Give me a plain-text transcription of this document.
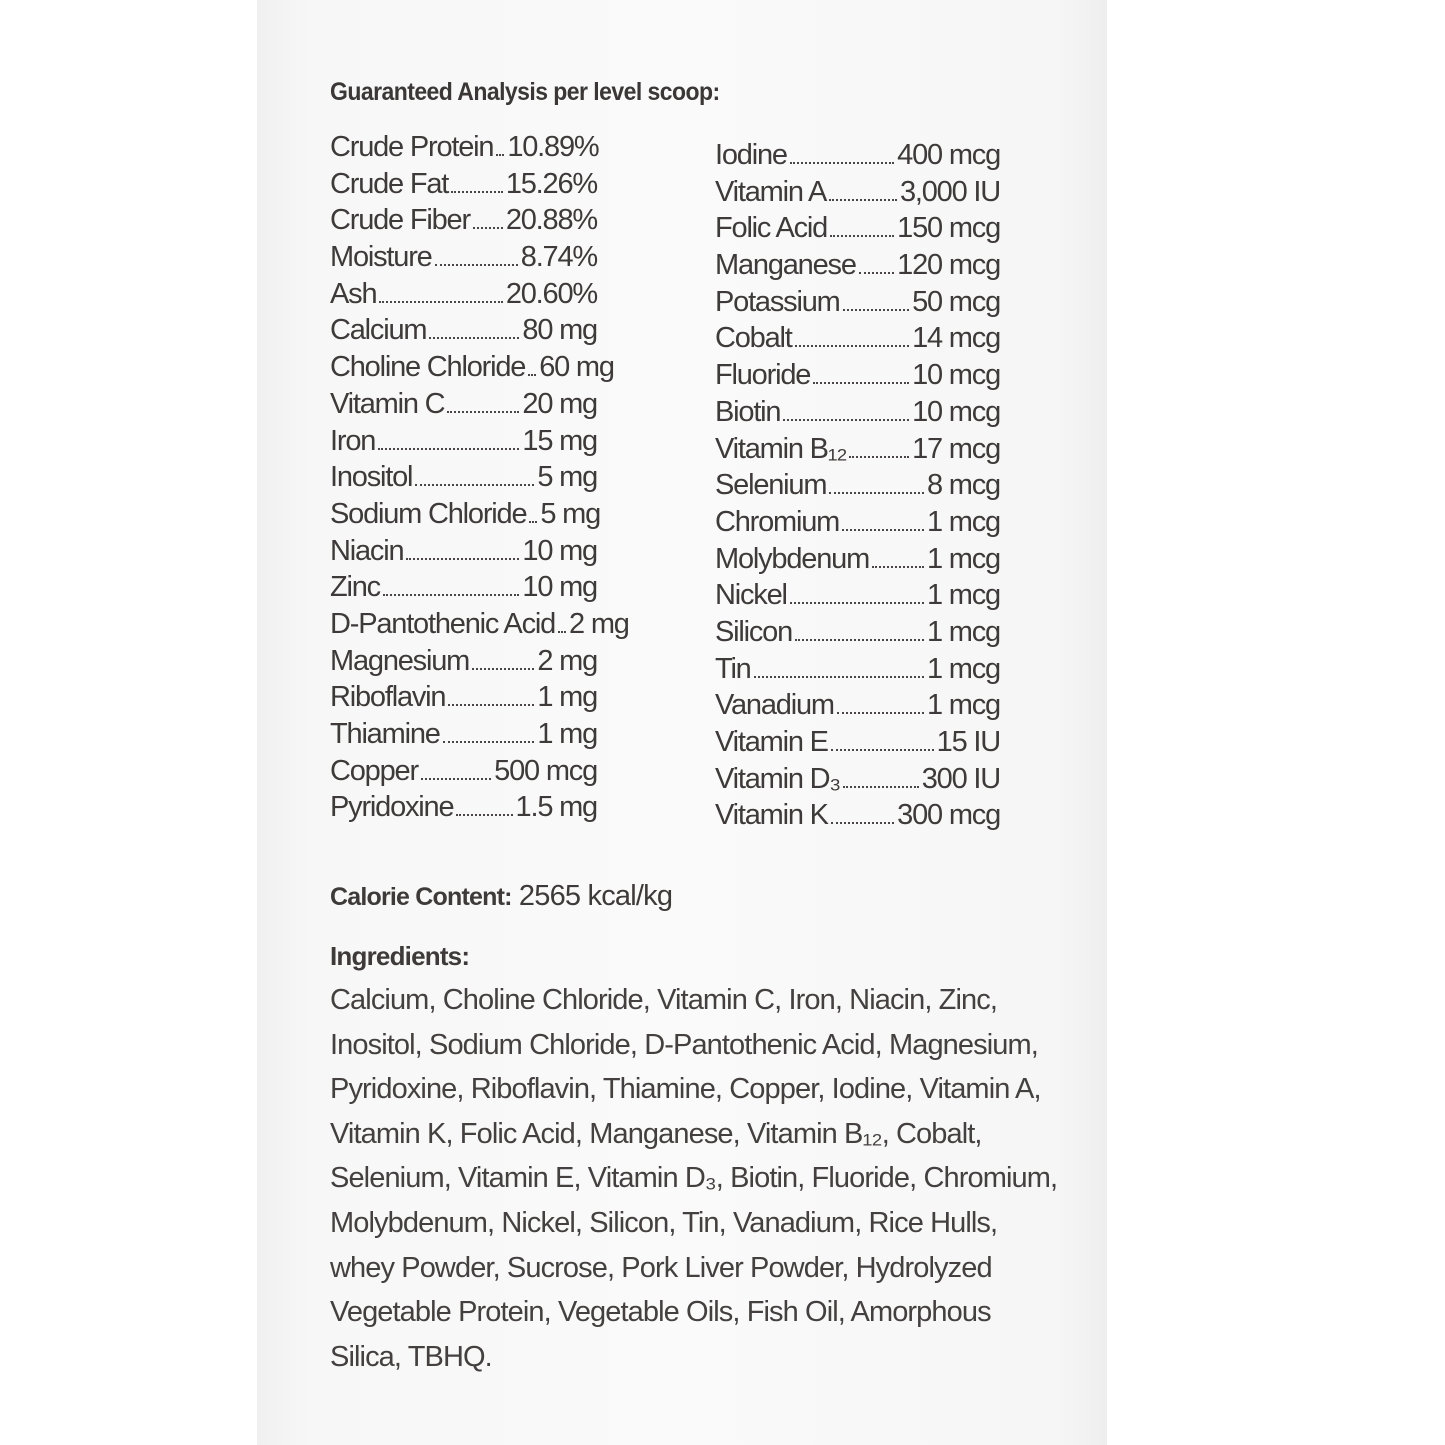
Guaranteed Analysis per level scoop:
Crude Protein 10.89%
Crude Fat 15.26%
Crude Fiber 20.88%
Moisture	8.74%
Ash	20.60%
Calcium	80 mg
Choline Chloride 60 mg
Vitamin C	20 mg
Iron	15 mg
Inositol	5 mg
Sodium Chloride 5 mg
Niacin	10 mg
Zinc	10 mg
D-Pantothenic Acid 2 mg
Magnesium 2 mg
Riboflavin	1 mg
Thiamine	1 mg
Copper	500 mcg
Pyridoxine 1.5 mg
Iodine	400 mcg
Vitamin A	3,000 IU
Folic Acid 150 mcg
Manganese 120 mcg
Potassium	50 mcg
Cobalt	14 mcg
Fluoride	10 mcg
Biotin	10 mcg
Vitamin B₁₂ 17 mcg
Selenium	8 mcg
Chromium	1 mcg
Molybdenum 1 mcg
Nickel	1 mcg
Silicon	1 mcg
Tin	1 mcg
Vanadium	1 mcg
Vitamin E	15 IU
Vitamin D₃	300 IU
Vitamin K 300 mcg
Calorie Content: 2565 kcal/kg
Ingredients:
Calcium, Choline Chloride, Vitamin C, Iron, Niacin, Zinc, Inositol, Sodium Chloride, D-Pantothenic Acid, Magnesium, Pyridoxine, Riboflavin, Thiamine, Copper, Iodine, Vitamin A, Vitamin K, Folic Acid, Manganese, Vitamin B₁₂, Cobalt, Selenium, Vitamin E, Vitamin D₃, Biotin, Fluoride, Chromium, Molybdenum, Nickel, Silicon, Tin, Vanadium, Rice Hulls, whey Powder, Sucrose, Pork Liver Powder, Hydrolyzed Vegetable Protein, Vegetable Oils, Fish Oil, Amorphous Silica, TBHQ.
